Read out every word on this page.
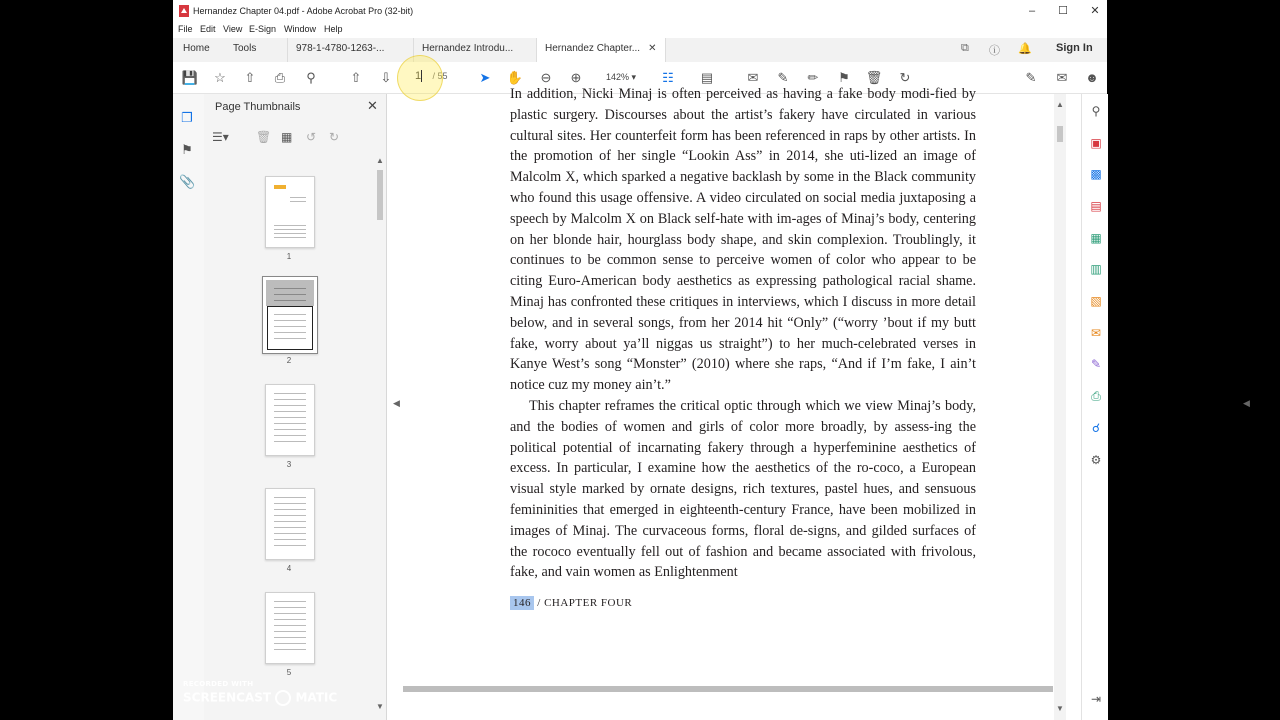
Hernandez Chapter 04.pdf - Adobe Acrobat Pro (32-bit)	–	☐	✕
File Edit View E-Sign Window Help
Home	Tools	978-1-4780-1263-...	Hernandez Introdu...	Hernandez Chapter... ✕	⧉ ⓘ 🔔 Sign In
💾 ☆ ⇧ ⎙	⚲	⇧ ⇩	1 / 55 ➤ ✋ ⊖ ⊕	142% ▾ ☷ ▤	✉ ✎ ✏ ⚑ 🗑 ↻	✎ ✉ ☻
❐
⚑
📎
Page Thumbnails	✕
☰▾ 🗑 ▦ ↺ ↻
1
2
3
4
5
▲
▼
◀

In addition, Nicki Minaj is often perceived as having a fake body modi-fied by plastic surgery. Discourses about the artist’s fakery have circulated in various cultural sites. Her counterfeit form has been referenced in raps by other artists. In the promotion of her single “Lookin Ass” in 2014, she uti-lized an image of Malcolm X, which sparked a negative backlash by some in the Black community who found this usage offensive. A video circulated on social media juxtaposing a speech by Malcolm X on Black self-hate with im-ages of Minaj’s body, centering on her blonde hair, hourglass body shape, and skin complexion. Troublingly, it continues to be common sense to perceive women of color who appear to be citing Euro-American body aesthetics as expressing pathological racial shame. Minaj has confronted these critiques in interviews, which I discuss in more detail below, and in several songs, from her 2014 hit “Only” (“worry ’bout if my butt fake, worry about ya’ll niggas us straight”) to her much-celebrated verses in Kanye West’s song “Monster” (2010) where she raps, “And if I’m fake, I ain’t notice cuz my money ain’t.”

This chapter reframes the critical optic through which we view Minaj’s body, and the bodies of women and girls of color more broadly, by assess-ing the political potential of incarnating fakery through a hyperfeminine aesthetics of excess. In particular, I examine how the aesthetics of the ro-coco, a European visual style marked by ornate designs, rich textures, pastel hues, and sensuous femininities that emerged in eighteenth-century France, have been mobilized in images of Minaj. The curvaceous forms, floral de-signs, and gilded surfaces of the rococo eventually fell out of fashion and became associated with frivolous, fake, and vain women as Enlightenment

146 / CHAPTER FOUR
◀
▲
▼
⚲
▣
▩
▤
▦
▥
▧
✉
✎
⎙
☌
⚙
⇥
RECORDED WITH
SCREENCAST MATIC
